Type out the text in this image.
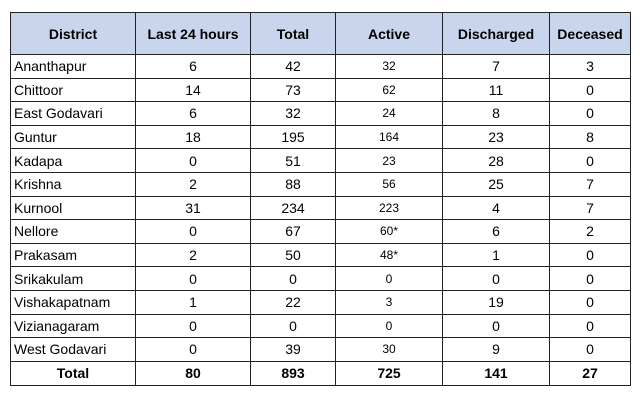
District	Last 24 hours	Total	Active	Discharged	Deceased
Ananthapur	6	42	32	7	3
Chittoor	14	73	62	11	0
East Godavari	6	32	24	8	0
Guntur	18	195	164	23	8
Kadapa	0	51	23	28	0
Krishna	2	88	56	25	7
Kurnool	31	234	223	4	7
Nellore	0	67	60*	6	2
Prakasam	2	50	48*	1	0
Srikakulam	0	0	0	0	0
Vishakapatnam	1	22	3	19	0
Vizianagaram	0	0	0	0	0
West Godavari	0	39	30	9	0
Total	80	893	725	141	27
